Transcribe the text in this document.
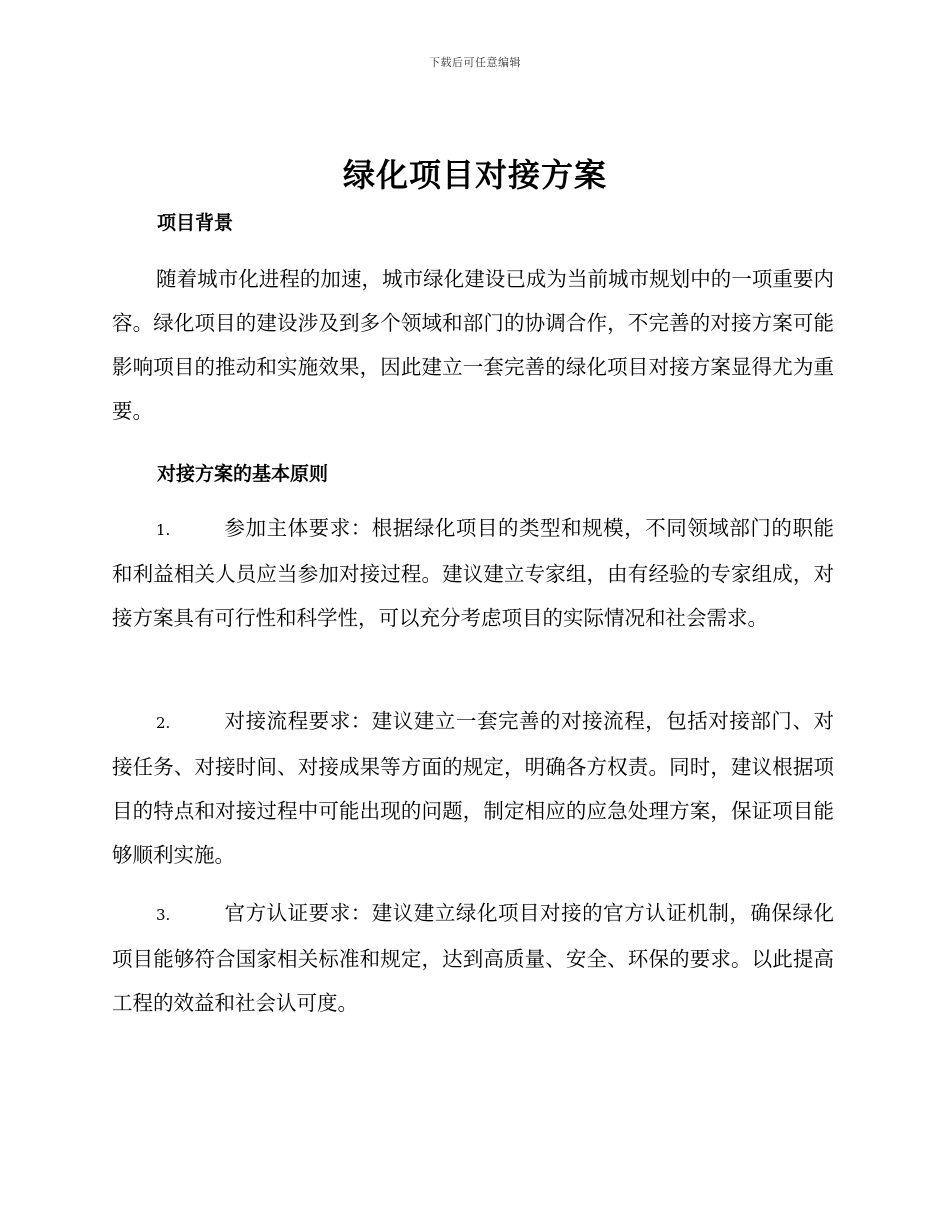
下载后可任意编辑
绿化项目对接方案
项目背景
随着城市化进程的加速，城市绿化建设已成为当前城市规划中的一项重要内容。绿化项目的建设涉及到多个领域和部门的协调合作，不完善的对接方案可能影响项目的推动和实施效果，因此建立一套完善的绿化项目对接方案显得尤为重要。
对接方案的基本原则
1.	参加主体要求：根据绿化项目的类型和规模，不同领域部门的职能和利益相关人员应当参加对接过程。建议建立专家组，由有经验的专家组成，对接方案具有可行性和科学性，可以充分考虑项目的实际情况和社会需求。
2.	对接流程要求：建议建立一套完善的对接流程，包括对接部门、对接任务、对接时间、对接成果等方面的规定，明确各方权责。同时，建议根据项目的特点和对接过程中可能出现的问题，制定相应的应急处理方案，保证项目能够顺利实施。
3.	官方认证要求：建议建立绿化项目对接的官方认证机制，确保绿化项目能够符合国家相关标准和规定，达到高质量、安全、环保的要求。以此提高工程的效益和社会认可度。
